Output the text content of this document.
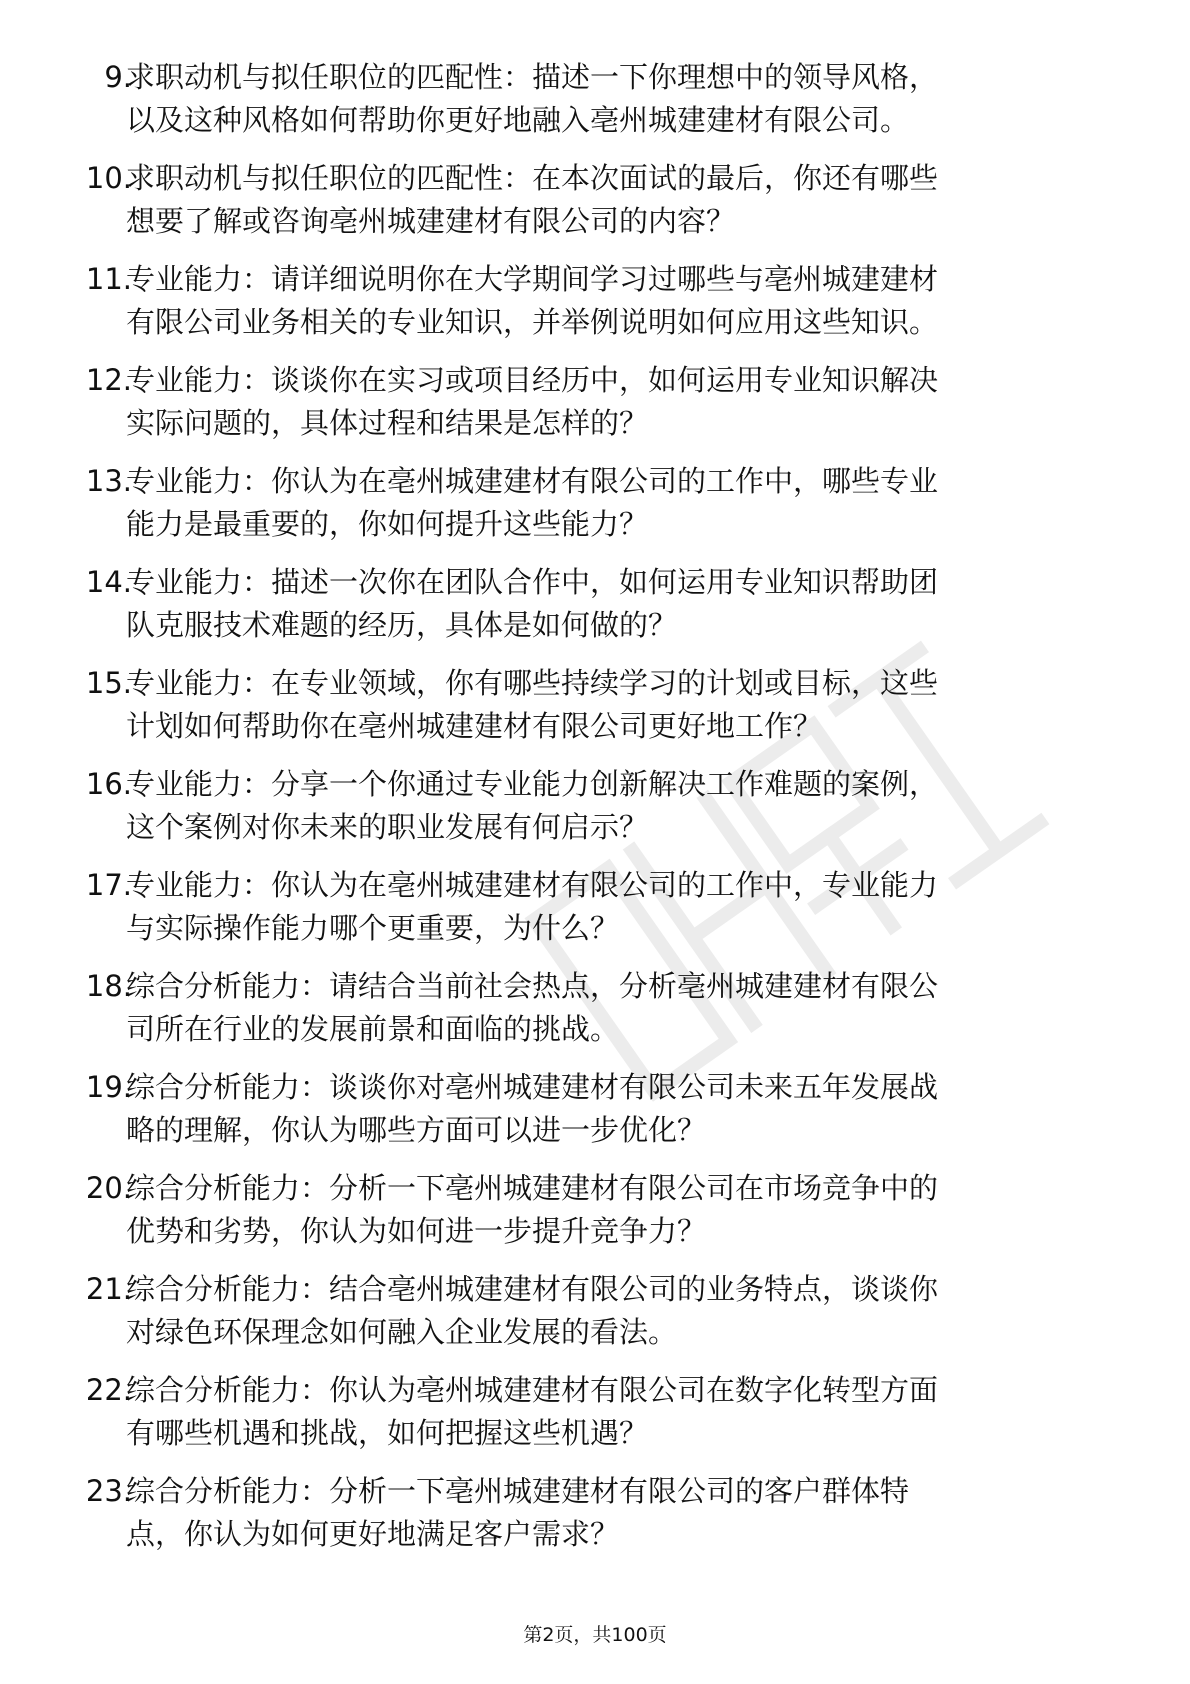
9.
求职动机与拟任职位的匹配性：描述一下你理想中的领导风格，
以及这种风格如何帮助你更好地融入亳州城建建材有限公司。
10.
求职动机与拟任职位的匹配性：在本次面试的最后，你还有哪些
想要了解或咨询亳州城建建材有限公司的内容？
11.
专业能力：请详细说明你在大学期间学习过哪些与亳州城建建材
有限公司业务相关的专业知识，并举例说明如何应用这些知识。
12.
专业能力：谈谈你在实习或项目经历中，如何运用专业知识解决
实际问题的，具体过程和结果是怎样的？
13.
专业能力：你认为在亳州城建建材有限公司的工作中，哪些专业
能力是最重要的，你如何提升这些能力？
14.
专业能力：描述一次你在团队合作中，如何运用专业知识帮助团
队克服技术难题的经历，具体是如何做的？
15.
专业能力：在专业领域，你有哪些持续学习的计划或目标，这些
计划如何帮助你在亳州城建建材有限公司更好地工作？
16.
专业能力：分享一个你通过专业能力创新解决工作难题的案例，
这个案例对你未来的职业发展有何启示？
17.
专业能力：你认为在亳州城建建材有限公司的工作中，专业能力
与实际操作能力哪个更重要，为什么？
18.
综合分析能力：请结合当前社会热点，分析亳州城建建材有限公
司所在行业的发展前景和面临的挑战。
19.
综合分析能力：谈谈你对亳州城建建材有限公司未来五年发展战
略的理解，你认为哪些方面可以进一步优化？
20.
综合分析能力：分析一下亳州城建建材有限公司在市场竞争中的
优势和劣势，你认为如何进一步提升竞争力？
21.
综合分析能力：结合亳州城建建材有限公司的业务特点，谈谈你
对绿色环保理念如何融入企业发展的看法。
22.
综合分析能力：你认为亳州城建建材有限公司在数字化转型方面
有哪些机遇和挑战，如何把握这些机遇？
23.
综合分析能力：分析一下亳州城建建材有限公司的客户群体特
点，你认为如何更好地满足客户需求？
第2页，共100页
